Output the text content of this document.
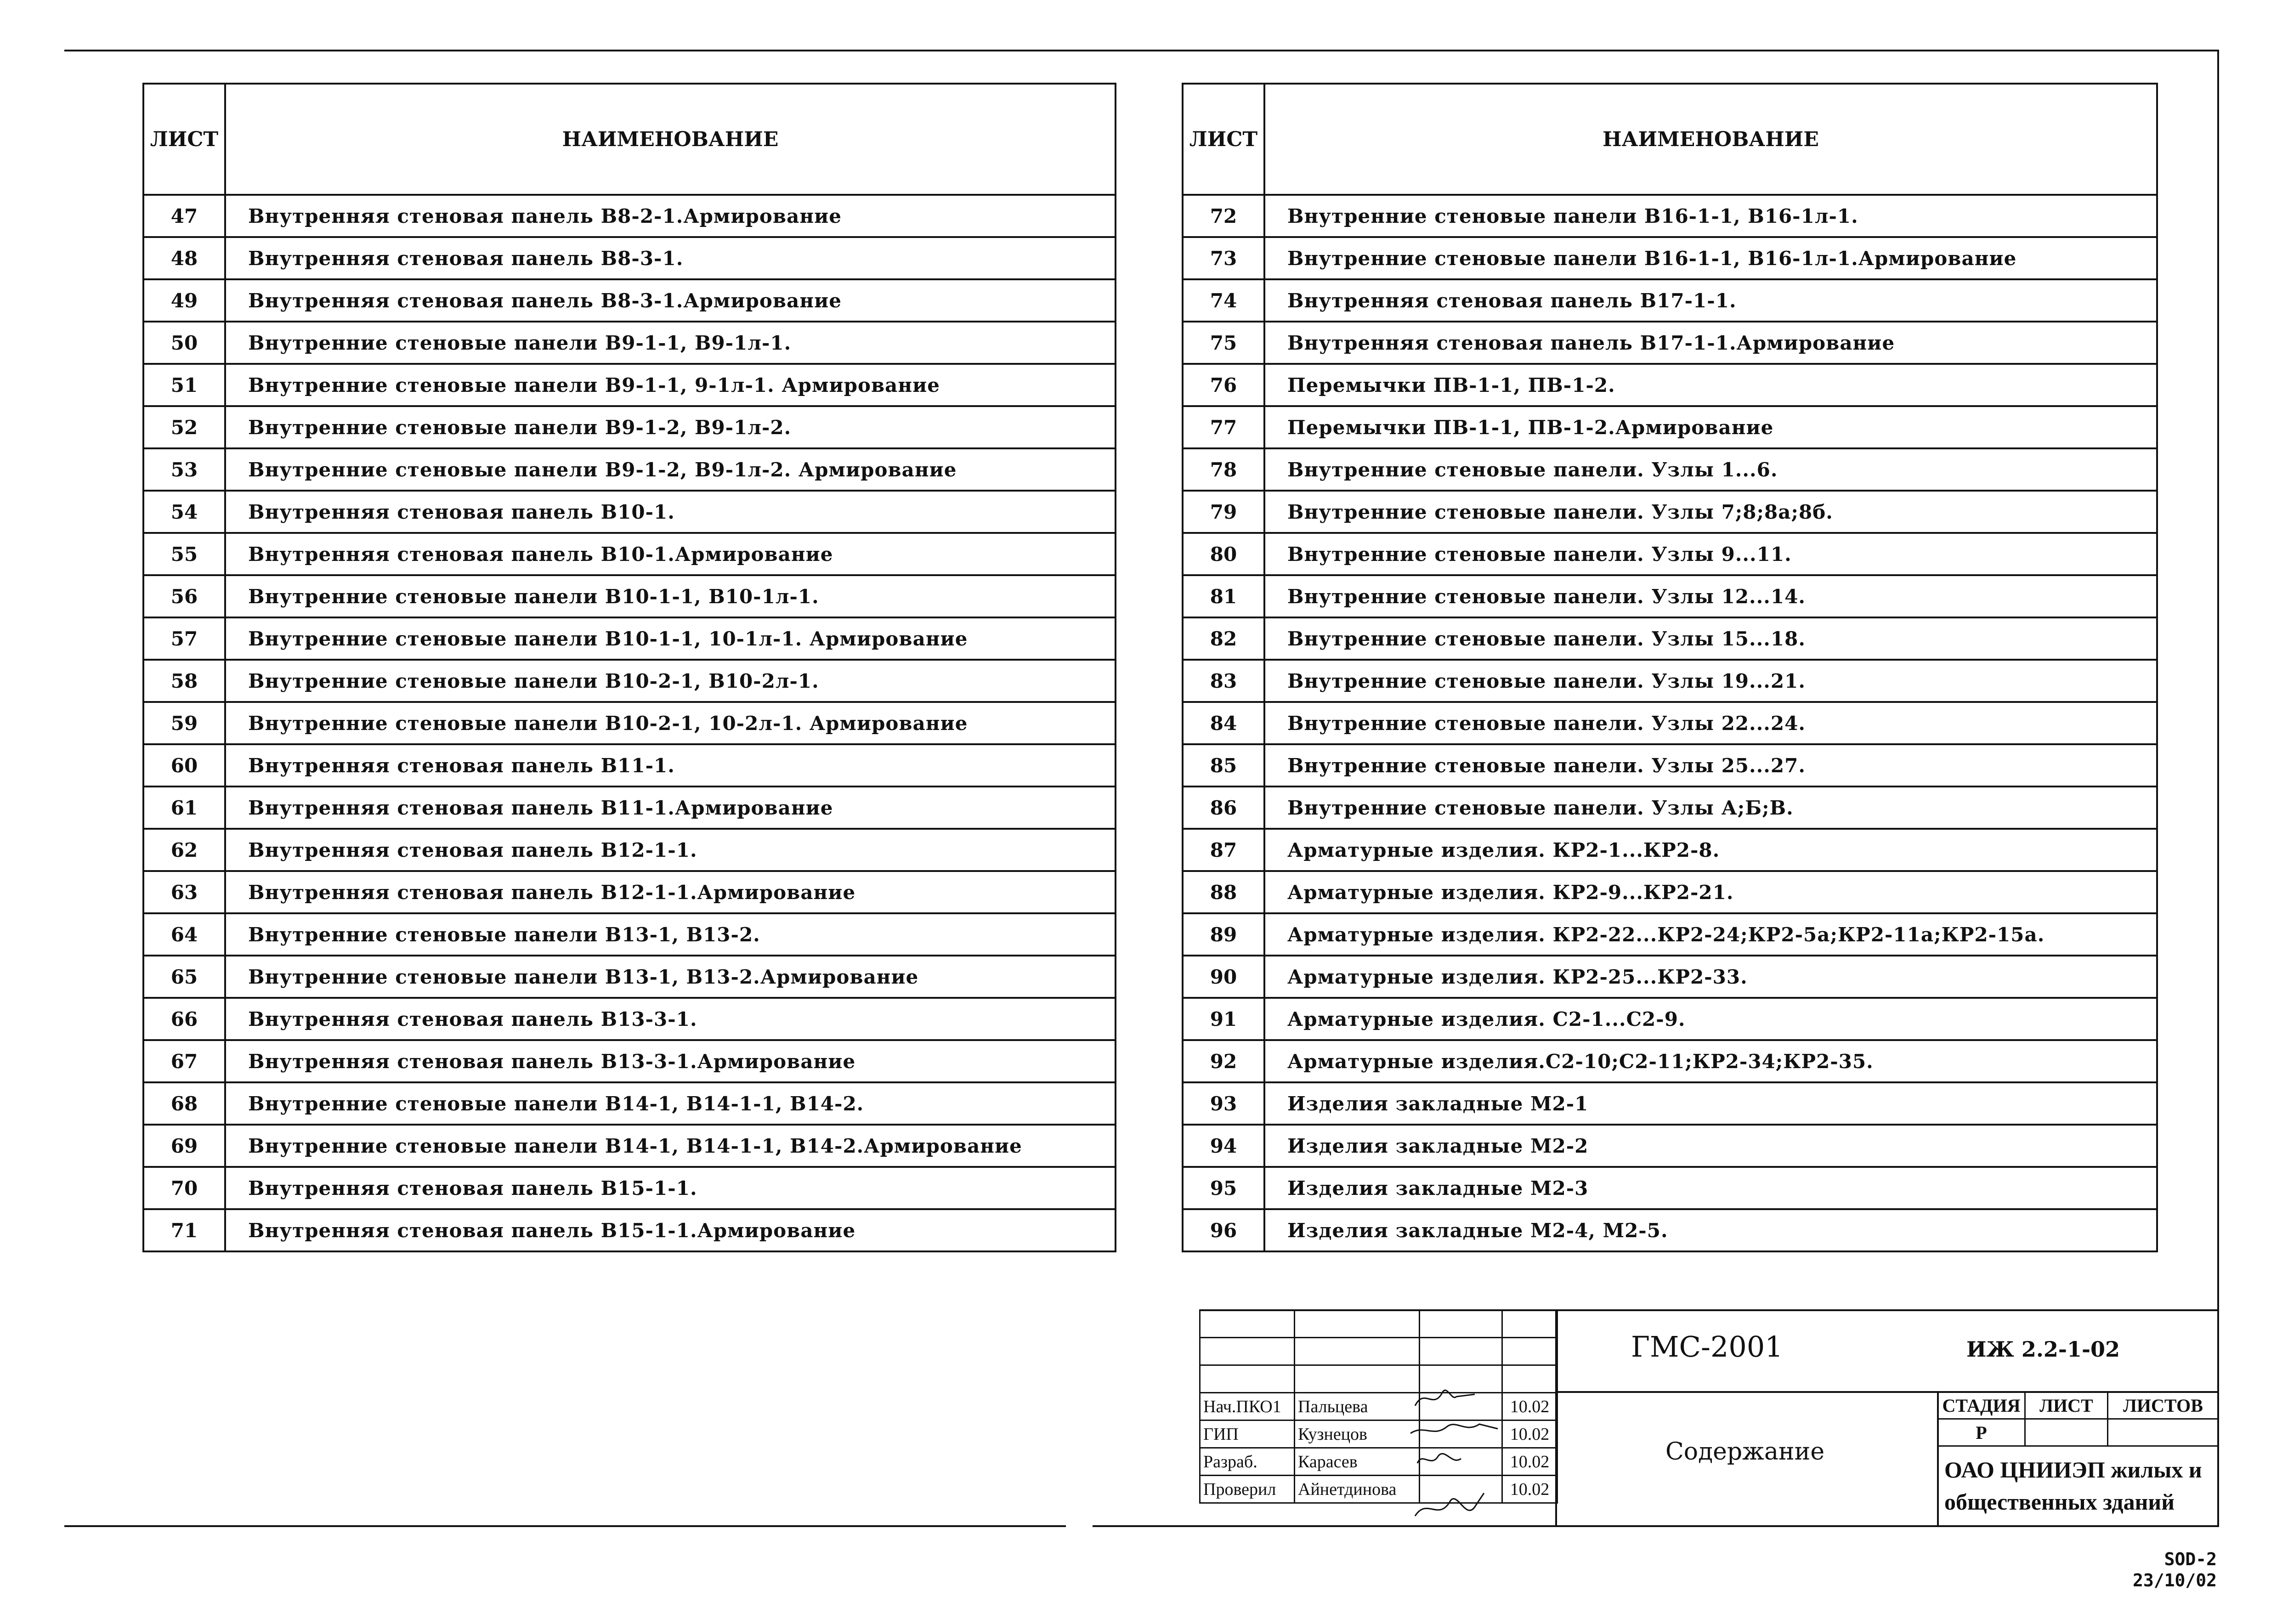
ЛИСТ	НАИМЕНОВАНИЕ
47	Внутренняя стеновая панель В8-2-1.Армирование
48	Внутренняя стеновая панель В8-3-1.
49	Внутренняя стеновая панель В8-3-1.Армирование
50	Внутренние стеновые панели В9-1-1, В9-1л-1.
51	Внутренние стеновые панели В9-1-1, 9-1л-1. Армирование
52	Внутренние стеновые панели В9-1-2, В9-1л-2.
53	Внутренние стеновые панели В9-1-2, В9-1л-2. Армирование
54	Внутренняя стеновая панель В10-1.
55	Внутренняя стеновая панель В10-1.Армирование
56	Внутренние стеновые панели В10-1-1, В10-1л-1.
57	Внутренние стеновые панели В10-1-1, 10-1л-1. Армирование
58	Внутренние стеновые панели В10-2-1, В10-2л-1.
59	Внутренние стеновые панели В10-2-1, 10-2л-1. Армирование
60	Внутренняя стеновая панель В11-1.
61	Внутренняя стеновая панель В11-1.Армирование
62	Внутренняя стеновая панель В12-1-1.
63	Внутренняя стеновая панель В12-1-1.Армирование
64	Внутренние стеновые панели В13-1, В13-2.
65	Внутренние стеновые панели В13-1, В13-2.Армирование
66	Внутренняя стеновая панель В13-3-1.
67	Внутренняя стеновая панель В13-3-1.Армирование
68	Внутренние стеновые панели В14-1, В14-1-1, В14-2.
69	Внутренние стеновые панели В14-1, В14-1-1, В14-2.Армирование
70	Внутренняя стеновая панель В15-1-1.
71	Внутренняя стеновая панель В15-1-1.Армирование
ЛИСТ	НАИМЕНОВАНИЕ
72	Внутренние стеновые панели В16-1-1, В16-1л-1.
73	Внутренние стеновые панели В16-1-1, В16-1л-1.Армирование
74	Внутренняя стеновая панель В17-1-1.
75	Внутренняя стеновая панель В17-1-1.Армирование
76	Перемычки ПВ-1-1, ПВ-1-2.
77	Перемычки ПВ-1-1, ПВ-1-2.Армирование
78	Внутренние стеновые панели. Узлы 1...6.
79	Внутренние стеновые панели. Узлы 7;8;8а;8б.
80	Внутренние стеновые панели. Узлы 9...11.
81	Внутренние стеновые панели. Узлы 12...14.
82	Внутренние стеновые панели. Узлы 15...18.
83	Внутренние стеновые панели. Узлы 19...21.
84	Внутренние стеновые панели. Узлы 22...24.
85	Внутренние стеновые панели. Узлы 25...27.
86	Внутренние стеновые панели. Узлы А;Б;В.
87	Арматурные изделия. КР2-1...КР2-8.
88	Арматурные изделия. КР2-9...КР2-21.
89	Арматурные изделия. КР2-22...КР2-24;КР2-5а;КР2-11а;КР2-15а.
90	Арматурные изделия. КР2-25...КР2-33.
91	Арматурные изделия. С2-1...С2-9.
92	Арматурные изделия.С2-10;С2-11;КР2-34;КР2-35.
93	Изделия закладные М2-1
94	Изделия закладные М2-2
95	Изделия закладные М2-3
96	Изделия закладные М2-4, М2-5.

Нач.ПКО1	Пальцева		10.02
ГИП	Кузнецов		10.02
Разраб.	Карасев		10.02
Проверил	Айнетдинова		10.02
ГМС-2001	ИЖ 2.2-1-02
Содержание
СТАДИЯ	ЛИСТ	ЛИСТОВ
Р		
ОАО ЦНИИЭП жилых и
общественных зданий
SOD-2
23/10/02
